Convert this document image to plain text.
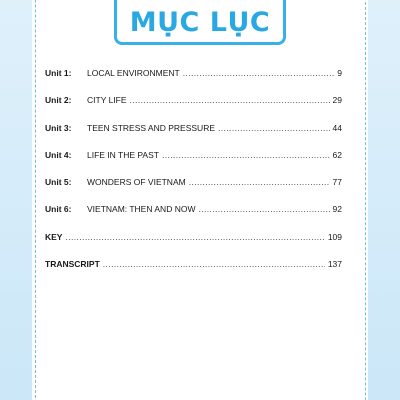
MỤC LỤC
Unit 1:	LOCAL ENVIRONMENT .....	9
Unit 2:	CITY LIFE .....	29
Unit 3:	TEEN STRESS AND PRESSURE .....	44
Unit 4:	LIFE IN THE PAST .....	62
Unit 5:	WONDERS OF VIETNAM .....	77
Unit 6:	VIETNAM: THEN AND NOW .....	92
KEY .....	109
TRANSCRIPT .....	137
